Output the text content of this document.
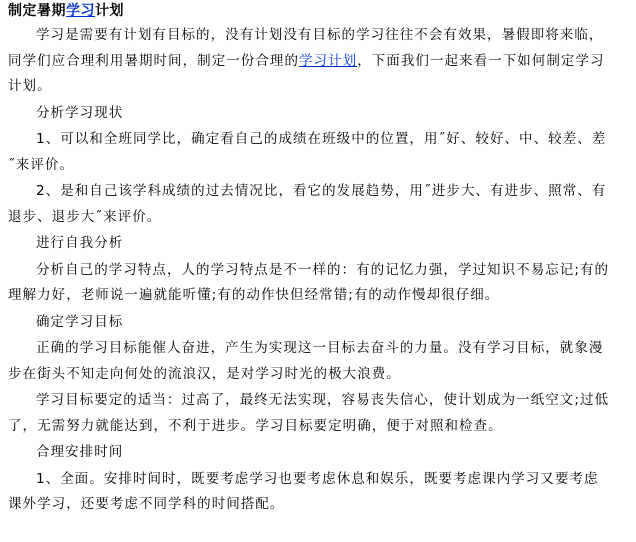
制定暑期学习计划
学习是需要有计划有目标的，没有计划没有目标的学习往往不会有效果，暑假即将来临，同学们应合理利用暑期时间，制定一份合理的学习计划，下面我们一起来看一下如何制定学习计划。
分析学习现状
1、可以和全班同学比，确定看自己的成绩在班级中的位置，用˝好、较好、中、较差、差˝来评价。
2、是和自己该学科成绩的过去情况比，看它的发展趋势，用˝进步大、有进步、照常、有退步、退步大˝来评价。
进行自我分析
分析自己的学习特点，人的学习特点是不一样的：有的记忆力强，学过知识不易忘记;有的理解力好，老师说一遍就能听懂;有的动作快但经常错;有的动作慢却很仔细。
确定学习目标
正确的学习目标能催人奋进，产生为实现这一目标去奋斗的力量。没有学习目标，就象漫步在街头不知走向何处的流浪汉，是对学习时光的极大浪费。
学习目标要定的适当：过高了，最终无法实现，容易丧失信心，使计划成为一纸空文;过低了，无需努力就能达到，不利于进步。学习目标要定明确，便于对照和检查。
合理安排时间
1、全面。安排时间时，既要考虑学习也要考虑休息和娱乐，既要考虑课内学习又要考虑课外学习，还要考虑不同学科的时间搭配。
